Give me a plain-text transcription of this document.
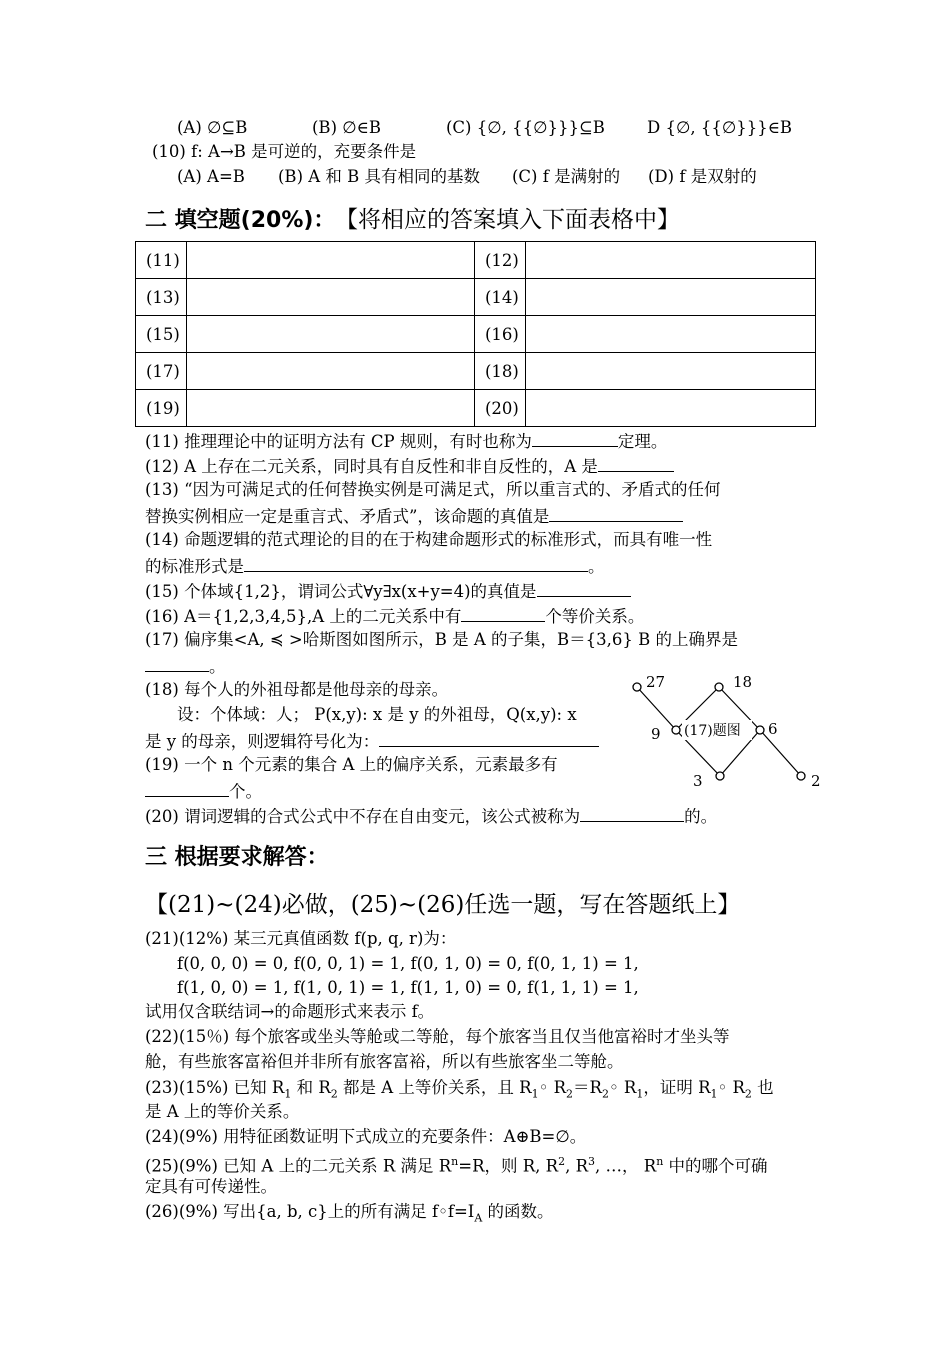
(A) ∅⊆B	(B) ∅∈B	(C) {∅, {{∅}}}⊆B	D {∅, {{∅}}}∈B
(10) f: A→B 是可逆的，充要条件是
(A) A=B (B) A 和 B 具有相同的基数 (C) f 是满射的 (D) f 是双射的
二 填空题(20%)： 【将相应的答案填入下面表格中】
(11)		(12)	
(13)		(14)	
(15)		(16)	
(17)		(18)	
(19)		(20)	
(11) 推理理论中的证明方法有 CP 规则，有时也称为	定理。
(12) A 上存在二元关系，同时具有自反性和非自反性的，A 是
(13) “因为可满足式的任何替换实例是可满足式，所以重言式的、矛盾式的任何
替换实例相应一定是重言式、矛盾式”，该命题的真值是
(14) 命题逻辑的范式理论的目的在于构建命题形式的标准形式，而具有唯一性
的标准形式是	。
(15) 个体域{1,2}，谓词公式∀y∃x(x+y=4)的真值是
(16) A＝{1,2,3,4,5},A 上的二元关系中有	个等价关系。
(17) 偏序集<A, ≼ >哈斯图如图所示，B 是 A 的子集，B＝{3,6} B 的上确界是
。
(18) 每个人的外祖母都是他母亲的母亲。
设：个体域：人； P(x,y): x 是 y 的外祖母，Q(x,y): x
是 y 的母亲，则逻辑符号化为：
(19) 一个 n 个元素的集合 A 上的偏序关系，元素最多有
个。
(20) 谓词逻辑的合式公式中不存在自由变元，该公式被称为	的。
27	18
9	6
3	2
(17)题图
三 根据要求解答：
【(21)~(24)必做，(25)~(26)任选一题，写在答题纸上】
(21)(12%) 某三元真值函数 f(p, q, r)为：
f(0, 0, 0) = 0, f(0, 0, 1) = 1, f(0, 1, 0) = 0, f(0, 1, 1) = 1,
f(1, 0, 0) = 1, f(1, 0, 1) = 1, f(1, 1, 0) = 0, f(1, 1, 1) = 1,
试用仅含联结词→的命题形式来表示 f。
(22)(15％) 每个旅客或坐头等舱或二等舱，每个旅客当且仅当他富裕时才坐头等
舱，有些旅客富裕但并非所有旅客富裕，所以有些旅客坐二等舱。
(23)(15%) 已知 $R_1$ 和 $R_2$ 都是 A 上等价关系，且 $R_1◦$ $R_2=R_2◦$ $R_1$，证明 $R_1◦$ $R_2$ 也
是 A 上的等价关系。
(24)(9%) 用特征函数证明下式成立的充要条件：A⊕B=∅。
(25)(9%) 已知 A 上的二元关系 R 满足 $R^n=R$，则 R, $R^2$, $R^3$, …， $R^n$ 中的哪个可确
定具有可传递性。
(26)(9%) 写出{a, b, c}上的所有满足 $f◦f=I_A$ 的函数。
